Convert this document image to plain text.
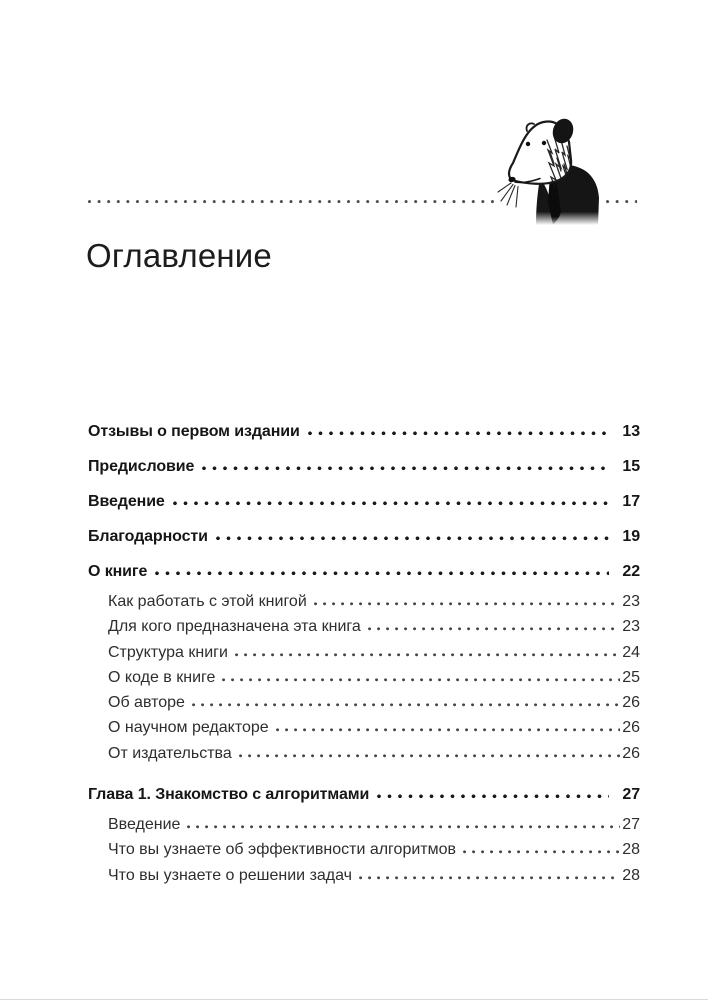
Оглавление
Отзывы о первом издании	13
Предисловие	15
Введение	17
Благодарности	19
О книге	22
Как работать с этой книгой	23
Для кого предназначена эта книга	23
Структура книги	24
О коде в книге	25
Об авторе	26
О научном редакторе	26
От издательства	26
Глава 1. Знакомство с алгоритмами	27
Введение	27
Что вы узнаете об эффективности алгоритмов	28
Что вы узнаете о решении задач	28
